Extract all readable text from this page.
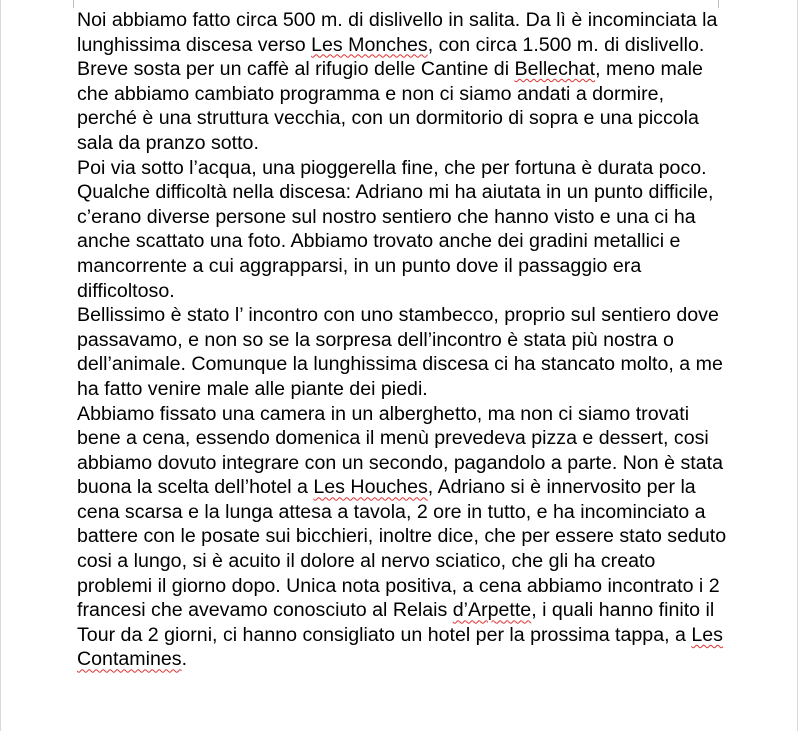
Noi abbiamo fatto circa 500 m. di dislivello in salita. Da lì è incominciata la lunghissima discesa verso Les Monches, con circa 1.500 m. di dislivello.

Breve sosta per un caffè al rifugio delle Cantine di Bellechat, meno male che abbiamo cambiato programma e non ci siamo andati a dormire, perché è una struttura vecchia, con un dormitorio di sopra e una piccola sala da pranzo sotto.

Poi via sotto l’acqua, una pioggerella fine, che per fortuna è durata poco. Qualche difficoltà nella discesa: Adriano mi ha aiutata in un punto difficile, c’erano diverse persone sul nostro sentiero che hanno visto e una ci ha anche scattato una foto. Abbiamo trovato anche dei gradini metallici e mancorrente a cui aggrapparsi, in un punto dove il passaggio era difficoltoso.

Bellissimo è stato l’ incontro con uno stambecco, proprio sul sentiero dove passavamo, e non so se la sorpresa dell’incontro è stata più nostra o dell’animale. Comunque la lunghissima discesa ci ha stancato molto, a me ha fatto venire male alle piante dei piedi.

Abbiamo fissato una camera in un alberghetto, ma non ci siamo trovati bene a cena, essendo domenica il menù prevedeva pizza e dessert, cosi abbiamo dovuto integrare con un secondo, pagandolo a parte. Non è stata buona la scelta dell’hotel a Les Houches, Adriano si è innervosito per la cena scarsa e la lunga attesa a tavola, 2 ore in tutto, e ha incominciato a battere con le posate sui bicchieri, inoltre dice, che per essere stato seduto cosi a lungo, si è acuito il dolore al nervo sciatico, che gli ha creato problemi il giorno dopo. Unica nota positiva, a cena abbiamo incontrato i 2 francesi che avevamo conosciuto al Relais d’Arpette, i quali hanno finito il Tour da 2 giorni, ci hanno consigliato un hotel per la prossima tappa, a Les Contamines.
